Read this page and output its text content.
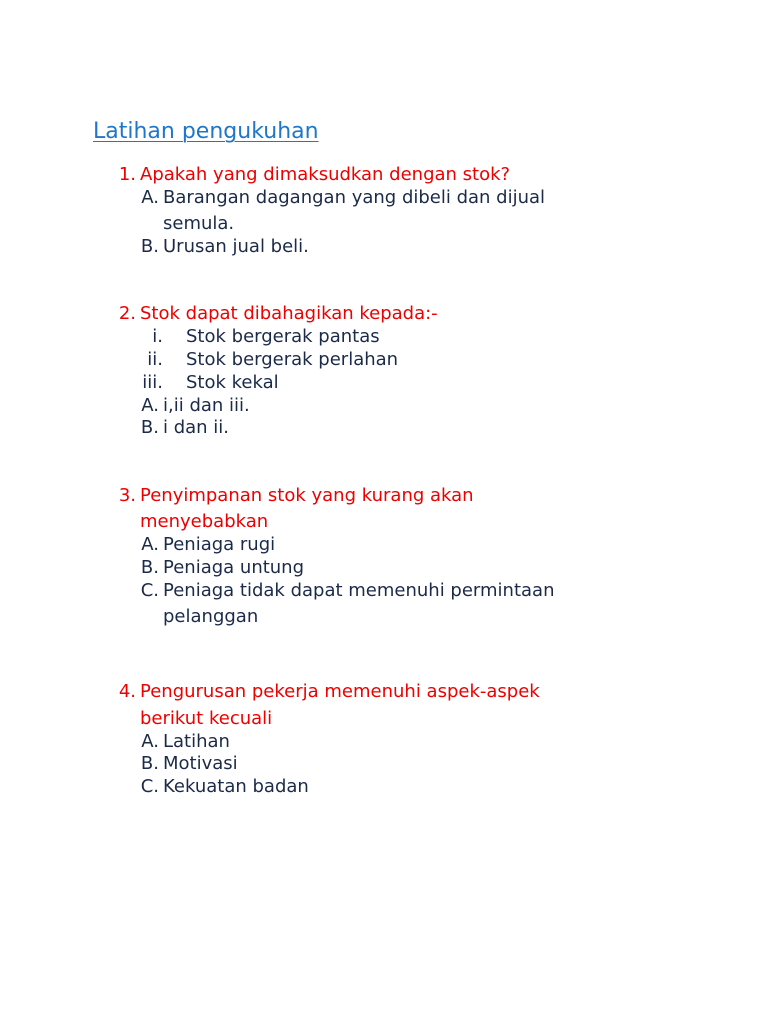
Latihan pengukuhan
1. Apakah yang dimaksudkan dengan stok?
A. Barangan dagangan yang dibeli dan dijual
semula.
B. Urusan jual beli.
2. Stok dapat dibahagikan kepada:-
i. Stok bergerak pantas
ii. Stok bergerak perlahan
iii. Stok kekal
A. i,ii dan iii.
B. i dan ii.
3. Penyimpanan stok yang kurang akan
menyebabkan
A. Peniaga rugi
B. Peniaga untung
C. Peniaga tidak dapat memenuhi permintaan
pelanggan
4. Pengurusan pekerja memenuhi aspek-aspek
berikut kecuali
A. Latihan
B. Motivasi
C. Kekuatan badan
